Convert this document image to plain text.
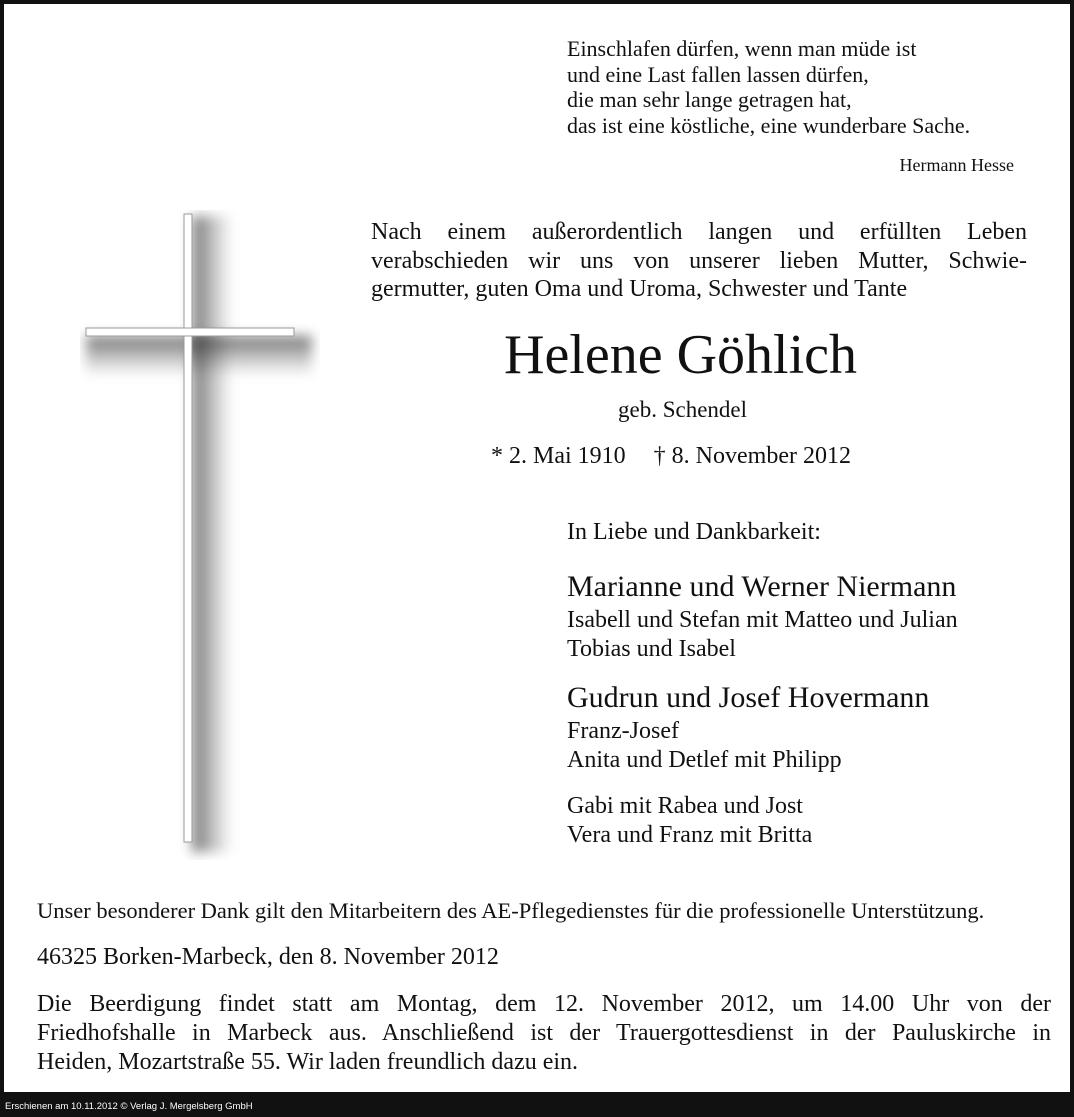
Einschlafen dürfen, wenn man müde ist
und eine Last fallen lassen dürfen,
die man sehr lange getragen hat,
das ist eine köstliche, eine wunderbare Sache.
Hermann Hesse
Nach einem außerordentlich langen und erfüllten Leben
verabschieden wir uns von unserer lieben Mutter, Schwie-
germutter, guten Oma und Uroma, Schwester und Tante
Helene Göhlich
geb. Schendel
* 2. Mai 1910 † 8. November 2012
In Liebe und Dankbarkeit:
Marianne und Werner Niermann
Isabell und Stefan mit Matteo und Julian
Tobias und Isabel
Gudrun und Josef Hovermann
Franz-Josef
Anita und Detlef mit Philipp
Gabi mit Rabea und Jost
Vera und Franz mit Britta
Unser besonderer Dank gilt den Mitarbeitern des AE-Pflegedienstes für die professionelle Unterstützung.
46325 Borken-Marbeck, den 8. November 2012
Die Beerdigung findet statt am Montag, dem 12. November 2012, um 14.00 Uhr von der
Friedhofshalle in Marbeck aus. Anschließend ist der Trauergottesdienst in der Pauluskirche in
Heiden, Mozartstraße 55. Wir laden freundlich dazu ein.
Erschienen am 10.11.2012 © Verlag J. Mergelsberg GmbH
